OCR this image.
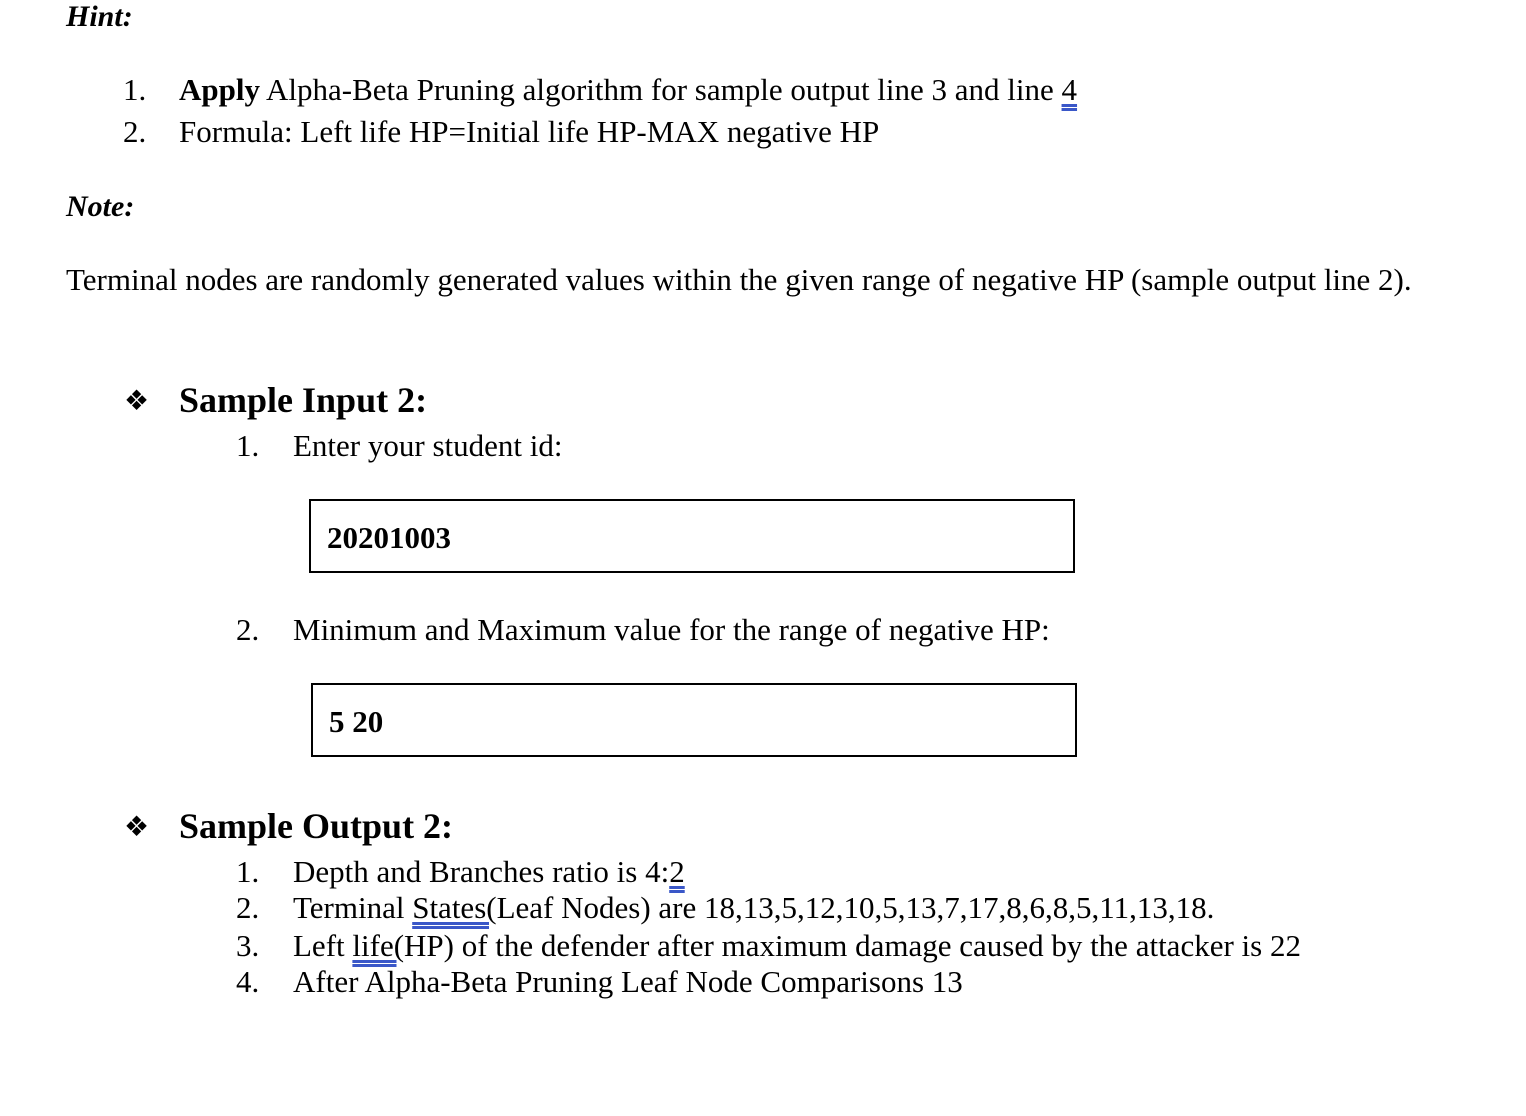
Hint:
1. Apply Alpha-Beta Pruning algorithm for sample output line 3 and line 4
2. Formula: Left life HP=Initial life HP-MAX negative HP
Note:
Terminal nodes are randomly generated values within the given range of negative HP (sample output line 2).
❖ Sample Input 2:
1. Enter your student id:
20201003
2. Minimum and Maximum value for the range of negative HP:
5 20
❖ Sample Output 2:
1. Depth and Branches ratio is 4:2
2. Terminal States(Leaf Nodes) are 18,13,5,12,10,5,13,7,17,8,6,8,5,11,13,18.
3. Left life(HP) of the defender after maximum damage caused by the attacker is 22
4. After Alpha-Beta Pruning Leaf Node Comparisons 13
